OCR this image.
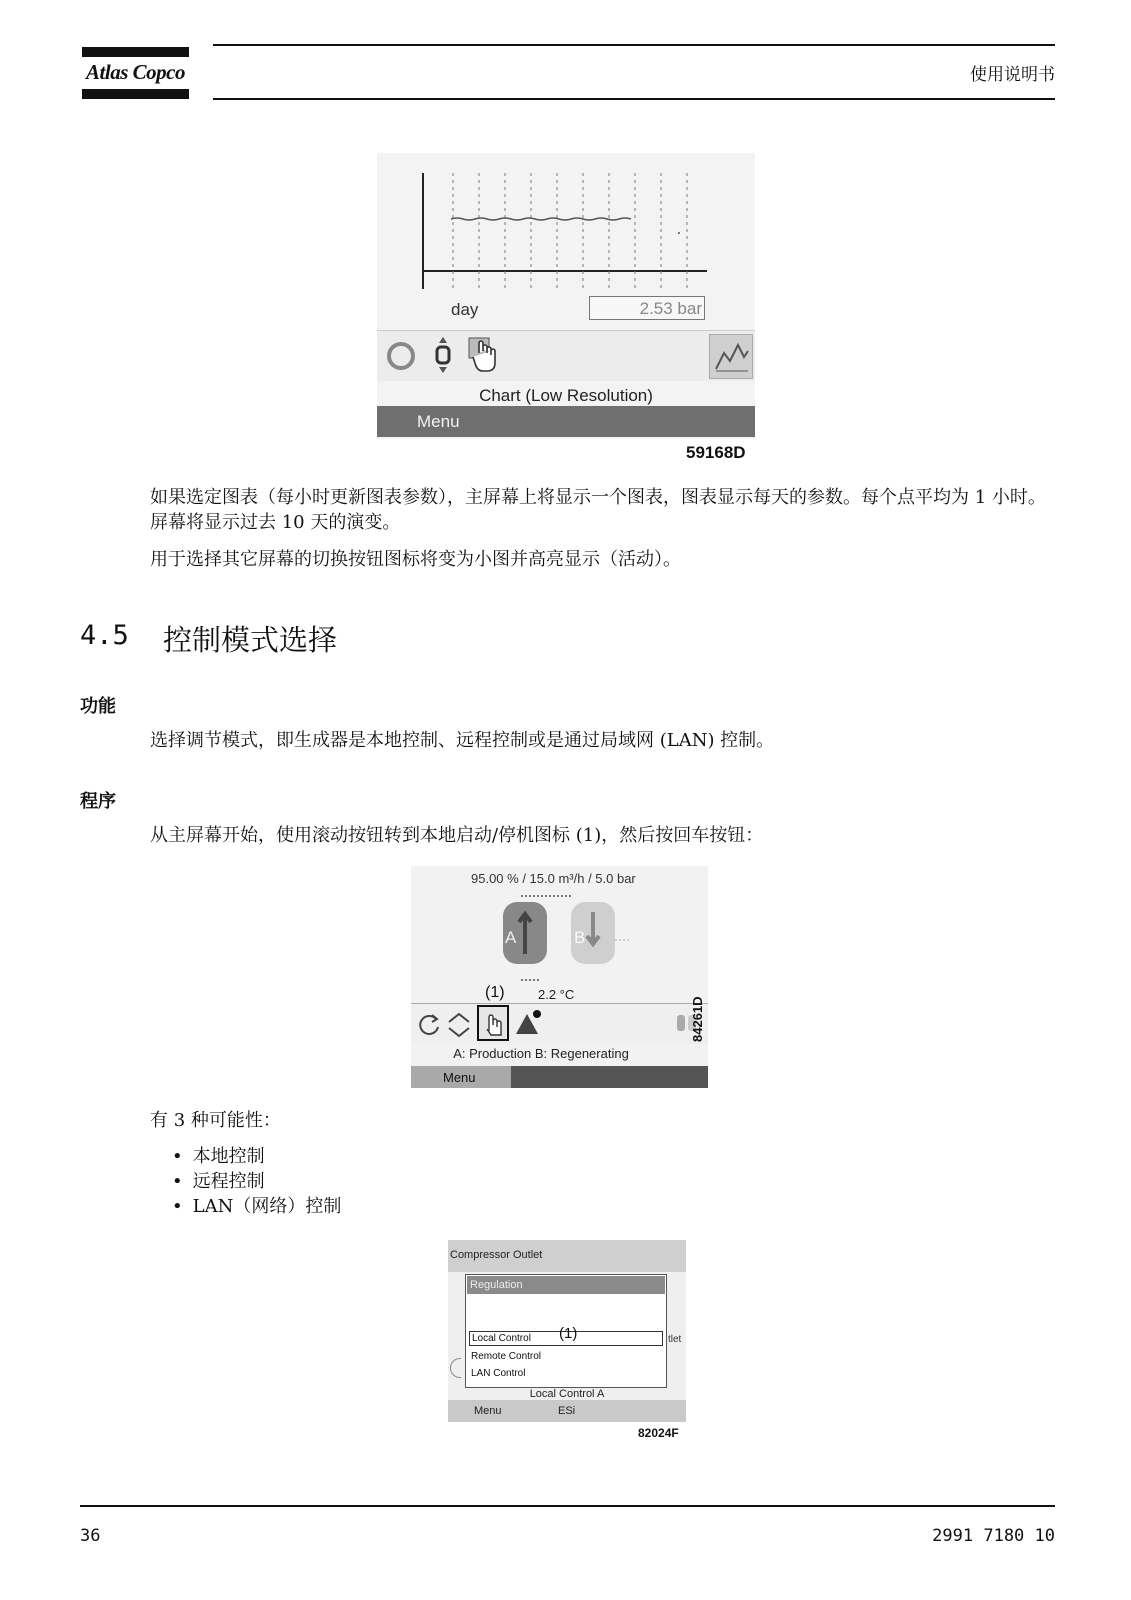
Atlas Copco	使用说明书
day	2.53 bar
Chart (Low Resolution)
Menu
59168D
如果选定图表（每小时更新图表参数），主屏幕上将显示一个图表，图表显示每天的参数。每个点平均为 1 小时。屏幕将显示过去 10 天的演变。
用于选择其它屏幕的切换按钮图标将变为小图并高亮显示（活动）。
4.5 控制模式选择
功能
选择调节模式，即生成器是本地控制、远程控制或是通过局域网 (LAN) 控制。
程序
从主屏幕开始，使用滚动按钮转到本地启动/停机图标 (1)，然后按回车按钮：
95.00 % / 15.0 m³/h / 5.0 bar
A	B
(1)	2.2 °C
A: Production B: Regenerating
Menu
84261D
有 3 种可能性：
• 本地控制
• 远程控制
• LAN（网络）控制
Compressor Outlet
tlet
Regulation
Local Control	(1)
Remote Control
LAN Control
Local Control A
Menu	ESi
82024F
36	2991 7180 10
